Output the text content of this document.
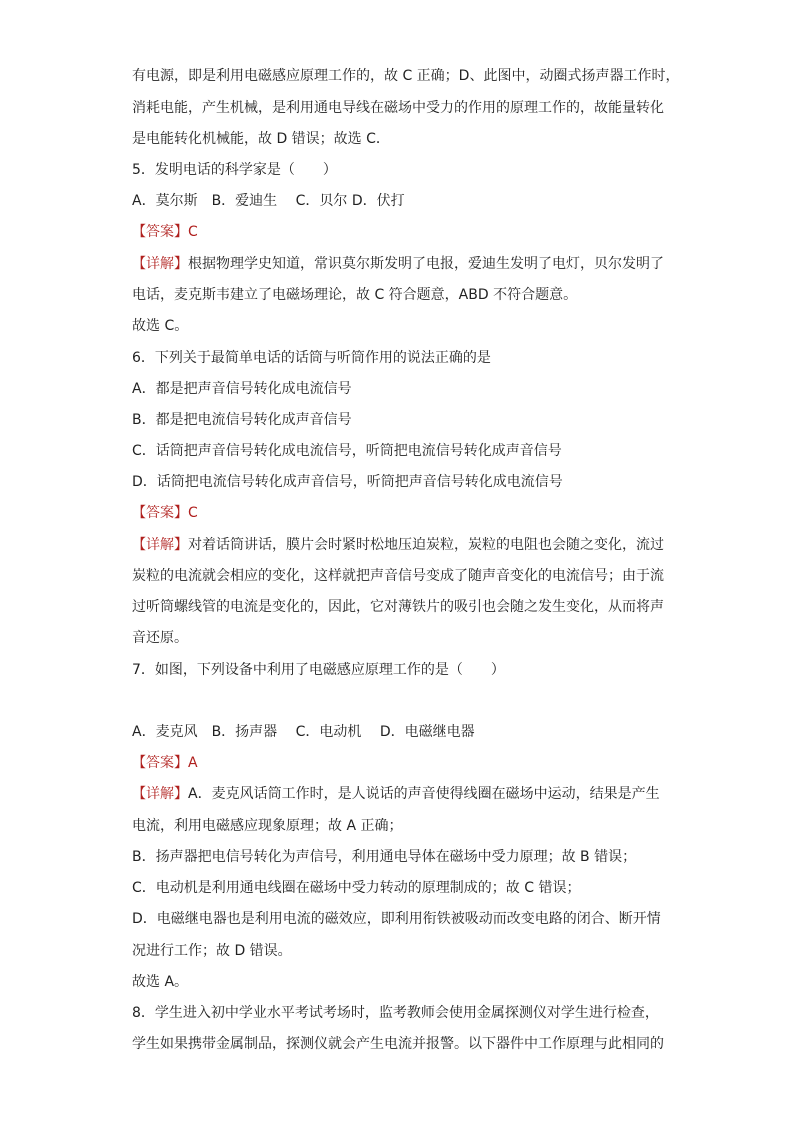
有电源，即是利用电磁感应原理工作的，故 C 正确；D、此图中，动圈式扬声器工作时，
消耗电能，产生机械，是利用通电导线在磁场中受力的作用的原理工作的，故能量转化
是电能转化机械能，故 D 错误；故选 C．
5．发明电话的科学家是（　　）
A．莫尔斯　B．爱迪生　 C．贝尔 D．伏打
【答案】C
【详解】根据物理学史知道，常识莫尔斯发明了电报，爱迪生发明了电灯，贝尔发明了
电话，麦克斯韦建立了电磁场理论，故 C 符合题意，ABD 不符合题意。
故选 C。
6．下列关于最简单电话的话筒与听筒作用的说法正确的是
A．都是把声音信号转化成电流信号
B．都是把电流信号转化成声音信号
C．话筒把声音信号转化成电流信号，听筒把电流信号转化成声音信号
D．话筒把电流信号转化成声音信号，听筒把声音信号转化成电流信号
【答案】C
【详解】对着话筒讲话，膜片会时紧时松地压迫炭粒，炭粒的电阻也会随之变化，流过
炭粒的电流就会相应的变化，这样就把声音信号变成了随声音变化的电流信号；由于流
过听筒螺线管的电流是变化的，因此，它对薄铁片的吸引也会随之发生变化，从而将声
音还原。
7．如图，下列设备中利用了电磁感应原理工作的是（　　）
A．麦克风　B．扬声器　 C．电动机　 D．电磁继电器
【答案】A
【详解】A．麦克风话筒工作时，是人说话的声音使得线圈在磁场中运动，结果是产生
电流，利用电磁感应现象原理；故 A 正确；
B．扬声器把电信号转化为声信号，利用通电导体在磁场中受力原理；故 B 错误；
C．电动机是利用通电线圈在磁场中受力转动的原理制成的；故 C 错误；
D．电磁继电器也是利用电流的磁效应，即利用衔铁被吸动而改变电路的闭合、断开情
况进行工作；故 D 错误。
故选 A。
8．学生进入初中学业水平考试考场时，监考教师会使用金属探测仪对学生进行检查，
学生如果携带金属制品，探测仪就会产生电流并报警。以下器件中工作原理与此相同的
